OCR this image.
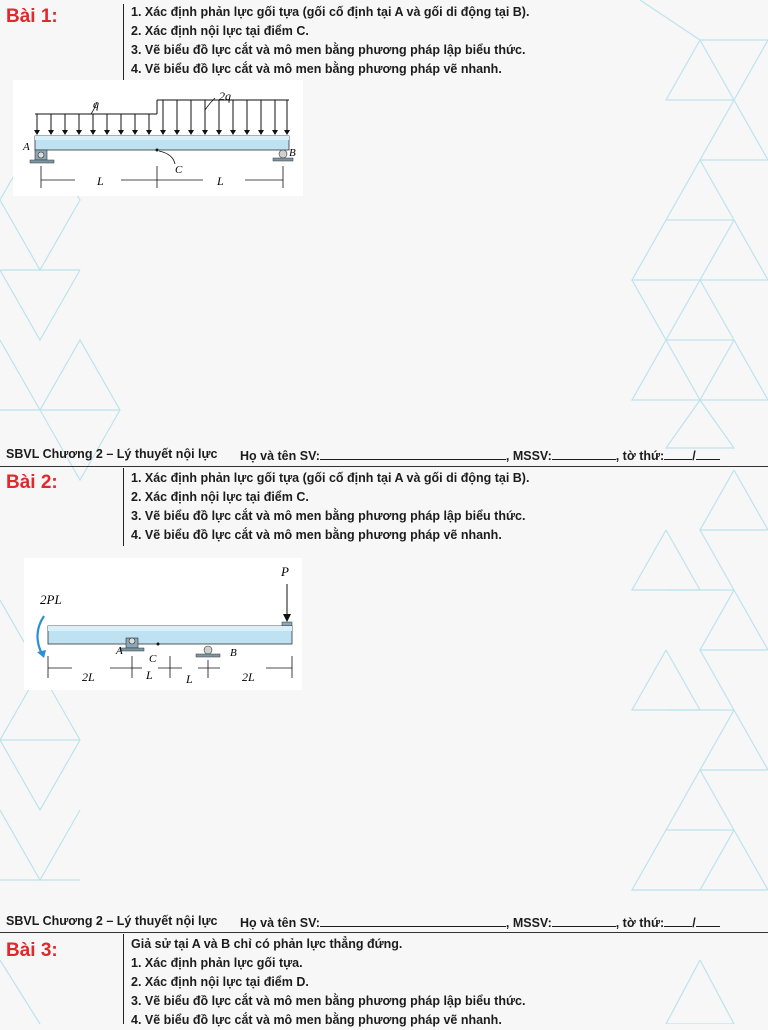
Bài 1:	1. Xác định phản lực gối tựa (gối cố định tại A và gối di động tại B).
2. Xác định nội lực tại điểm C.
3. Vẽ biểu đồ lực cắt và mô men bằng phương pháp lập biểu thức.
4. Vẽ biểu đồ lực cắt và mô men bằng phương pháp vẽ nhanh.
q
2q
A	B
C
L	L
SBVL Chương 2 – Lý thuyết nội lực Họ và tên SV:	, MSSV:	, tờ thứ: /
Bài 2:	1. Xác định phản lực gối tựa (gối cố định tại A và gối di động tại B).
2. Xác định nội lực tại điểm C.
3. Vẽ biểu đồ lực cắt và mô men bằng phương pháp lập biểu thức.
4. Vẽ biểu đồ lực cắt và mô men bằng phương pháp vẽ nhanh.
P
2PL
A
C	B
2L	L	L	2L
SBVL Chương 2 – Lý thuyết nội lực Họ và tên SV:	, MSSV:	, tờ thứ: /
Bài 3:	Giả sử tại A và B chỉ có phản lực thẳng đứng.
1. Xác định phản lực gối tựa.
2. Xác định nội lực tại điểm D.
3. Vẽ biểu đồ lực cắt và mô men bằng phương pháp lập biểu thức.
4. Vẽ biểu đồ lực cắt và mô men bằng phương pháp vẽ nhanh.
